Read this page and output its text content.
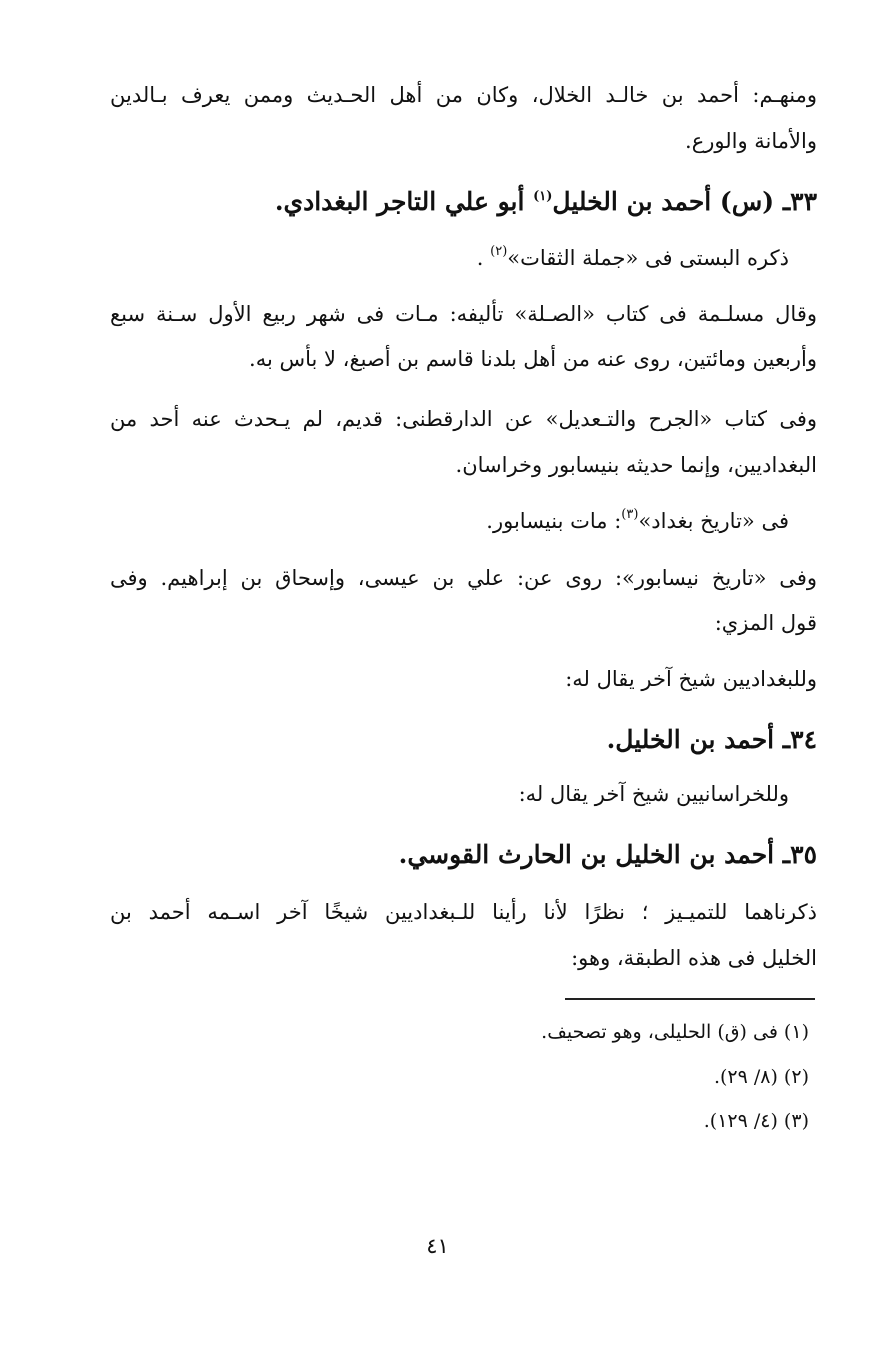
ومنهـم: أحمد بن خالـد الخلال، وكان من أهل الحـديث وممن يعرف بـالدين
والأمانة والورع.
٣٣ـ (س) أحمد بن الخليل$^{(١)}$ أبو علي التاجر البغدادي.
ذكره البستى فى «جملة الثقات»$^{(٢)}$ .
وقال مسلـمة فى كتاب «الصـلة» تأليفه: مـات فى شهر ربيع الأول سـنة سبع
وأربعين ومائتين، روى عنه من أهل بلدنا قاسم بن أصبغ، لا بأس به.
وفى كتاب «الجرح والتـعديل» عن الدارقطنى: قديم، لم يـحدث عنه أحد من
البغداديين، وإنما حديثه بنيسابور وخراسان.
فى «تاريخ بغداد»$^{(٣)}$: مات بنيسابور.
وفى «تاريخ نيسابور»: روى عن: علي بن عيسى، وإسحاق بن إبراهيم. وفى
قول المزي:
وللبغداديين شيخ آخر يقال له:
٣٤ـ أحمد بن الخليل.
وللخراسانيين شيخ آخر يقال له:
٣٥ـ أحمد بن الخليل بن الحارث القوسي.
ذكرناهما للتميـيز ؛ نظرًا لأنا رأينا للـبغداديين شيخًا آخر اسـمه أحمد بن
الخليل فى هذه الطبقة، وهو:
(١) فى (ق) الحليلى، وهو تصحيف.
(٢) (٨/ ٢٩).
(٣) (٤/ ١٢٩).
٤١
